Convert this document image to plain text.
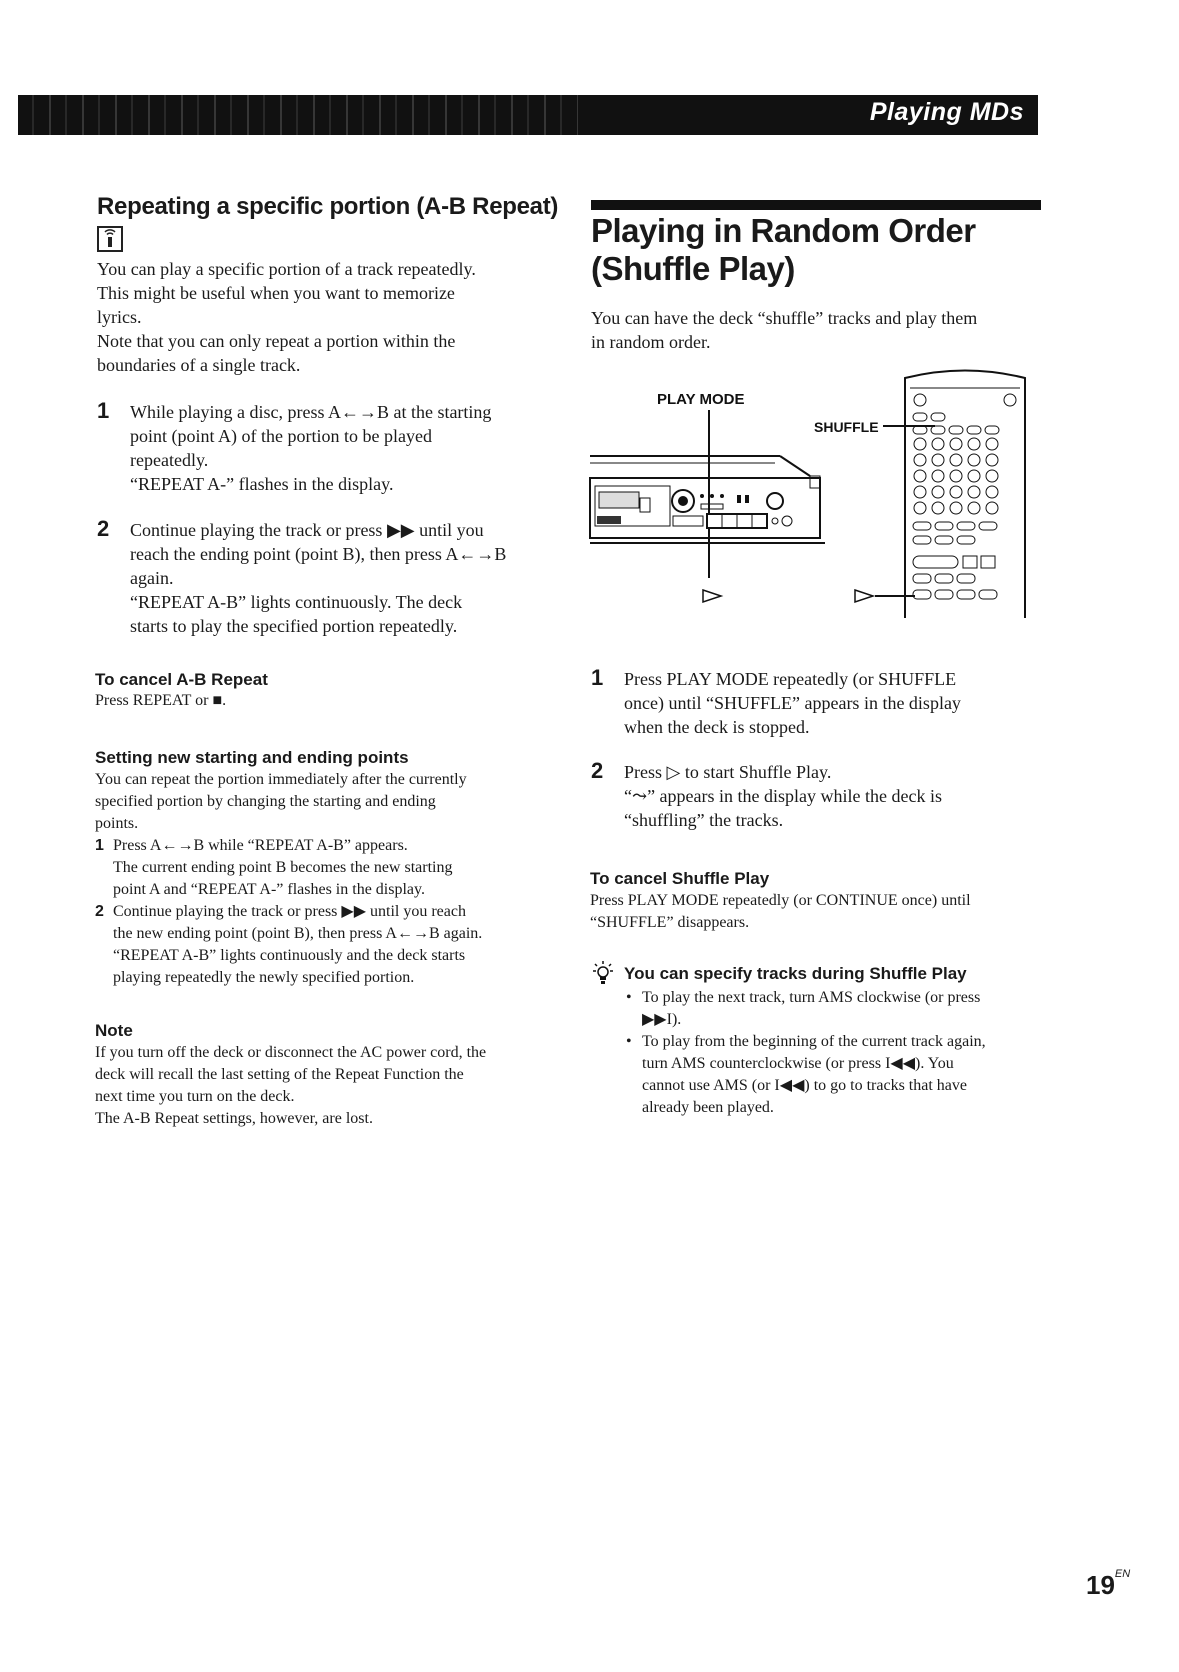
Playing MDs
Repeating a specific portion (A-B Repeat)

You can play a specific portion of a track repeatedly.

This might be useful when you want to memorize

lyrics.

Note that you can only repeat a portion within the

boundaries of a single track.

1 While playing a disc, press A←→B at the starting

point (point A) of the portion to be played

repeatedly.

“REPEAT A-” flashes in the display.

2 Continue playing the track or press ▶▶ until you

reach the ending point (point B), then press A←→B

again.

“REPEAT A-B” lights continuously. The deck

starts to play the specified portion repeatedly.

To cancel A-B Repeat

Press REPEAT or ■.

Setting new starting and ending points

You can repeat the portion immediately after the currently

specified portion by changing the starting and ending

points.

1 Press A←→B while “REPEAT A-B” appears.

The current ending point B becomes the new starting

point A and “REPEAT A-” flashes in the display.

2 Continue playing the track or press ▶▶ until you reach

the new ending point (point B), then press A←→B again.

“REPEAT A-B” lights continuously and the deck starts

playing repeatedly the newly specified portion.

Note

If you turn off the deck or disconnect the AC power cord, the

deck will recall the last setting of the Repeat Function the

next time you turn on the deck.

The A-B Repeat settings, however, are lost.

Playing in Random Order
(Shuffle Play)

You can have the deck “shuffle” tracks and play them

in random order.

PLAY MODE
SHUFFLE
1 Press PLAY MODE repeatedly (or SHUFFLE

once) until “SHUFFLE” appears in the display

when the deck is stopped.

2 Press ▷ to start Shuffle Play.

“⤳” appears in the display while the deck is

“shuffling” the tracks.

To cancel Shuffle Play

Press PLAY MODE repeatedly (or CONTINUE once) until

“SHUFFLE” disappears.

You can specify tracks during Shuffle Play

• To play the next track, turn AMS clockwise (or press

▶▶I).

• To play from the beginning of the current track again,

turn AMS counterclockwise (or press I◀◀). You

cannot use AMS (or I◀◀) to go to tracks that have

already been played.

$19^{EN}$
